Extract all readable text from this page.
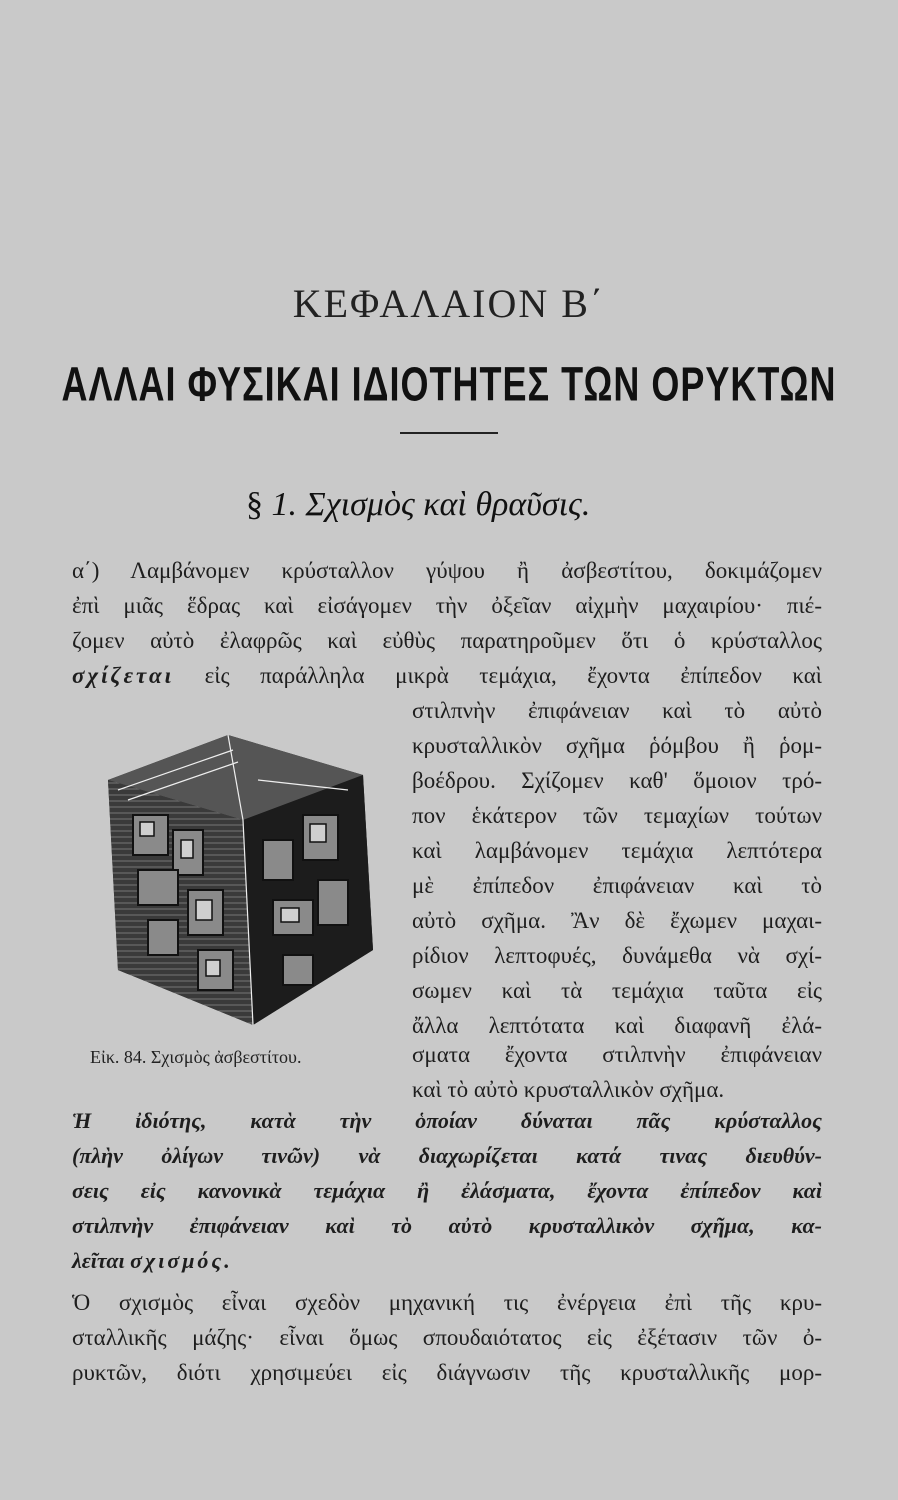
ΚΕΦΑΛΑΙΟΝ Β΄
ΑΛΛΑΙ ΦΥΣΙΚΑΙ ΙΔΙΟΤΗΤΕΣ ΤΩΝ ΟΡΥΚΤΩΝ
§ 1. Σχισμὸς καὶ θραῦσις.
α΄) Λαμβάνομεν κρύσταλλον γύψου ἢ ἀσβεστίτου, δοκιμάζομεν
ἐπὶ μιᾶς ἕδρας καὶ εἰσάγομεν τὴν ὀξεῖαν αἰχμὴν μαχαιρίου· πιέ-
ζομεν αὐτὸ ἐλαφρῶς καὶ εὐθὺς παρατηροῦμεν ὅτι ὁ κρύσταλλος
σχίζεται εἰς παράλληλα μικρὰ τεμάχια, ἔχοντα ἐπίπεδον καὶ
στιλπνὴν ἐπιφάνειαν καὶ τὸ αὐτὸ
κρυσταλλικὸν σχῆμα ῥόμβου ἢ ῥομ-
βοέδρου. Σχίζομεν καθ' ὅμοιον τρό-
πον ἑκάτερον τῶν τεμαχίων τούτων
καὶ λαμβάνομεν τεμάχια λεπτότερα
μὲ ἐπίπεδον ἐπιφάνειαν καὶ τὸ
αὐτὸ σχῆμα. Ἂν δὲ ἔχωμεν μαχαι-
ρίδιον λεπτοφυές, δυνάμεθα νὰ σχί-
σωμεν καὶ τὰ τεμάχια ταῦτα εἰς
ἄλλα λεπτότατα καὶ διαφανῆ ἐλά-
σματα ἔχοντα στιλπνὴν ἐπιφάνειαν
καὶ τὸ αὐτὸ κρυσταλλικὸν σχῆμα.
Εἰκ. 84. Σχισμὸς ἀσβεστίτου.
Ἡ ἰδιότης, κατὰ τὴν ὁποίαν δύναται πᾶς κρύσταλλος
(πλὴν ὀλίγων τινῶν) νὰ διαχωρίζεται κατά τινας διευθύν-
σεις εἰς κανονικὰ τεμάχια ἢ ἐλάσματα, ἔχοντα ἐπίπεδον καὶ
στιλπνὴν ἐπιφάνειαν καὶ τὸ αὐτὸ κρυσταλλικὸν σχῆμα, κα-
λεῖται σχισμός.
Ὁ σχισμὸς εἶναι σχεδὸν μηχανική τις ἐνέργεια ἐπὶ τῆς κρυ-
σταλλικῆς μάζης· εἶναι ὅμως σπουδαιότατος εἰς ἐξέτασιν τῶν ὀ-
ρυκτῶν, διότι χρησιμεύει εἰς διάγνωσιν τῆς κρυσταλλικῆς μορ-
